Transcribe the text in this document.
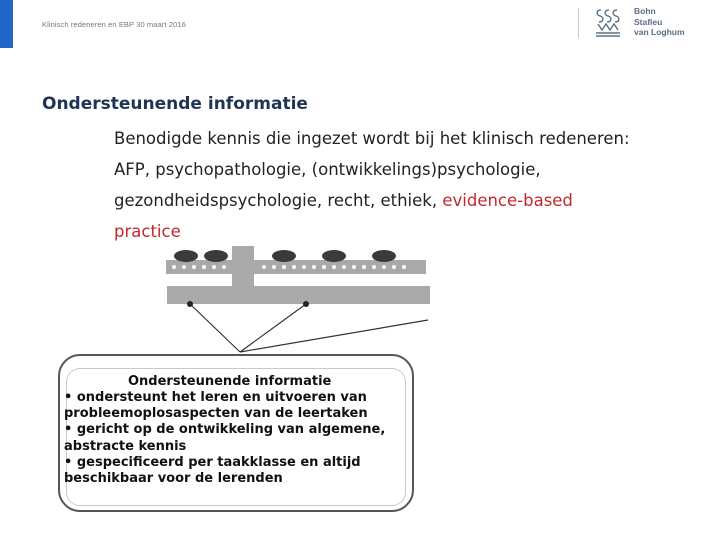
Klinisch redeneren en EBP 30 maart 2016
Bohn
Stafleu
van Loghum
Ondersteunende informatie
Benodigde kennis die ingezet wordt bij het klinisch redeneren:
AFP, psychopathologie, (ontwikkelings)psychologie,
gezondheidspsychologie, recht, ethiek, evidence-based
practice
Ondersteunende informatie
• ondersteunt het leren en uitvoeren van
probleemoplosaspecten van de leertaken
• gericht op de ontwikkeling van algemene,
abstracte kennis
• gespecificeerd per taakklasse en altijd
beschikbaar voor de lerenden
